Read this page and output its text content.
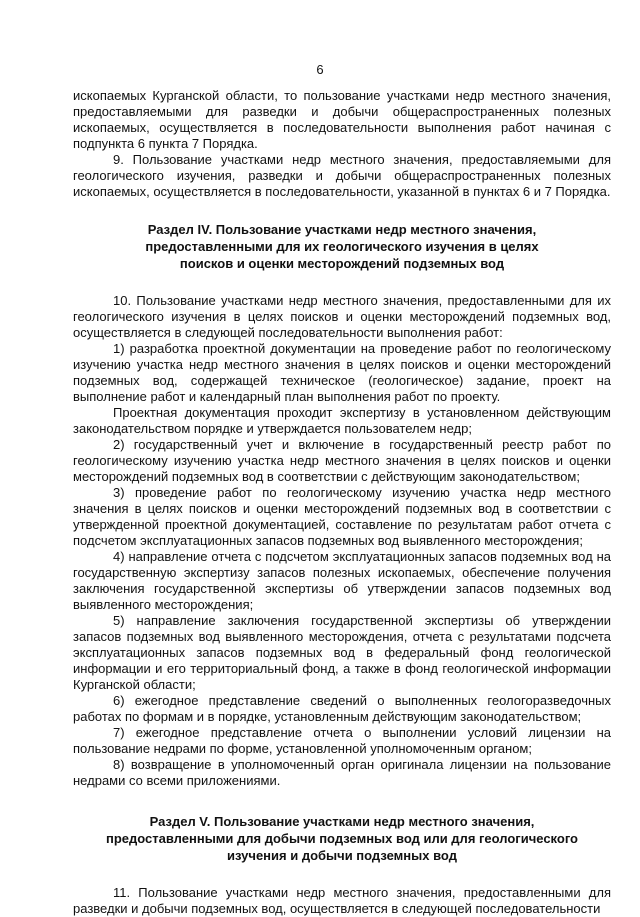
6

ископаемых Курганской области, то пользование участками недр местного значения, предоставляемыми для разведки и добычи общераспространенных полезных ископаемых, осуществляется в последовательности выполнения работ начиная с подпункта 6 пункта 7 Порядка.

9. Пользование участками недр местного значения, предоставляемыми для геологического изучения, разведки и добычи общераспространенных полезных ископаемых, осуществляется в последовательности, указанной в пунктах 6 и 7 Порядка.

Раздел IV. Пользование участками недр местного значения,

предоставленными для их геологического изучения в целях

поисков и оценки месторождений подземных вод

10. Пользование участками недр местного значения, предоставленными для их геологического изучения в целях поисков и оценки месторождений подземных вод, осуществляется в следующей последовательности выполнения работ:

1) разработка проектной документации на проведение работ по геологическому изучению участка недр местного значения в целях поисков и оценки месторождений подземных вод, содержащей техническое (геологическое) задание, проект на выполнение работ и календарный план выполнения работ по проекту.

Проектная документация проходит экспертизу в установленном действующим законодательством порядке и утверждается пользователем недр;

2) государственный учет и включение в государственный реестр работ по геологическому изучению участка недр местного значения в целях поисков и оценки месторождений подземных вод в соответствии с действующим законодательством;

3) проведение работ по геологическому изучению участка недр местного значения в целях поисков и оценки месторождений подземных вод в соответствии с утвержденной проектной документацией, составление по результатам работ отчета с подсчетом эксплуатационных запасов подземных вод выявленного месторождения;

4) направление отчета с подсчетом эксплуатационных запасов подземных вод на государственную экспертизу запасов полезных ископаемых, обеспечение получения заключения государственной экспертизы об утверждении запасов подземных вод выявленного месторождения;

5) направление заключения государственной экспертизы об утверждении запасов подземных вод выявленного месторождения, отчета с результатами подсчета эксплуатационных запасов подземных вод в федеральный фонд геологической информации и его территориальный фонд, а также в фонд геологической информации Курганской области;

6) ежегодное представление сведений о выполненных геологоразведочных работах по формам и в порядке, установленным действующим законодательством;

7) ежегодное представление отчета о выполнении условий лицензии на пользование недрами по форме, установленной уполномоченным органом;

8) возвращение в уполномоченный орган оригинала лицензии на пользование недрами со всеми приложениями.

Раздел V. Пользование участками недр местного значения,

предоставленными для добычи подземных вод или для геологического

изучения и добычи подземных вод

11. Пользование участками недр местного значения, предоставленными для разведки и добычи подземных вод, осуществляется в следующей последовательности
